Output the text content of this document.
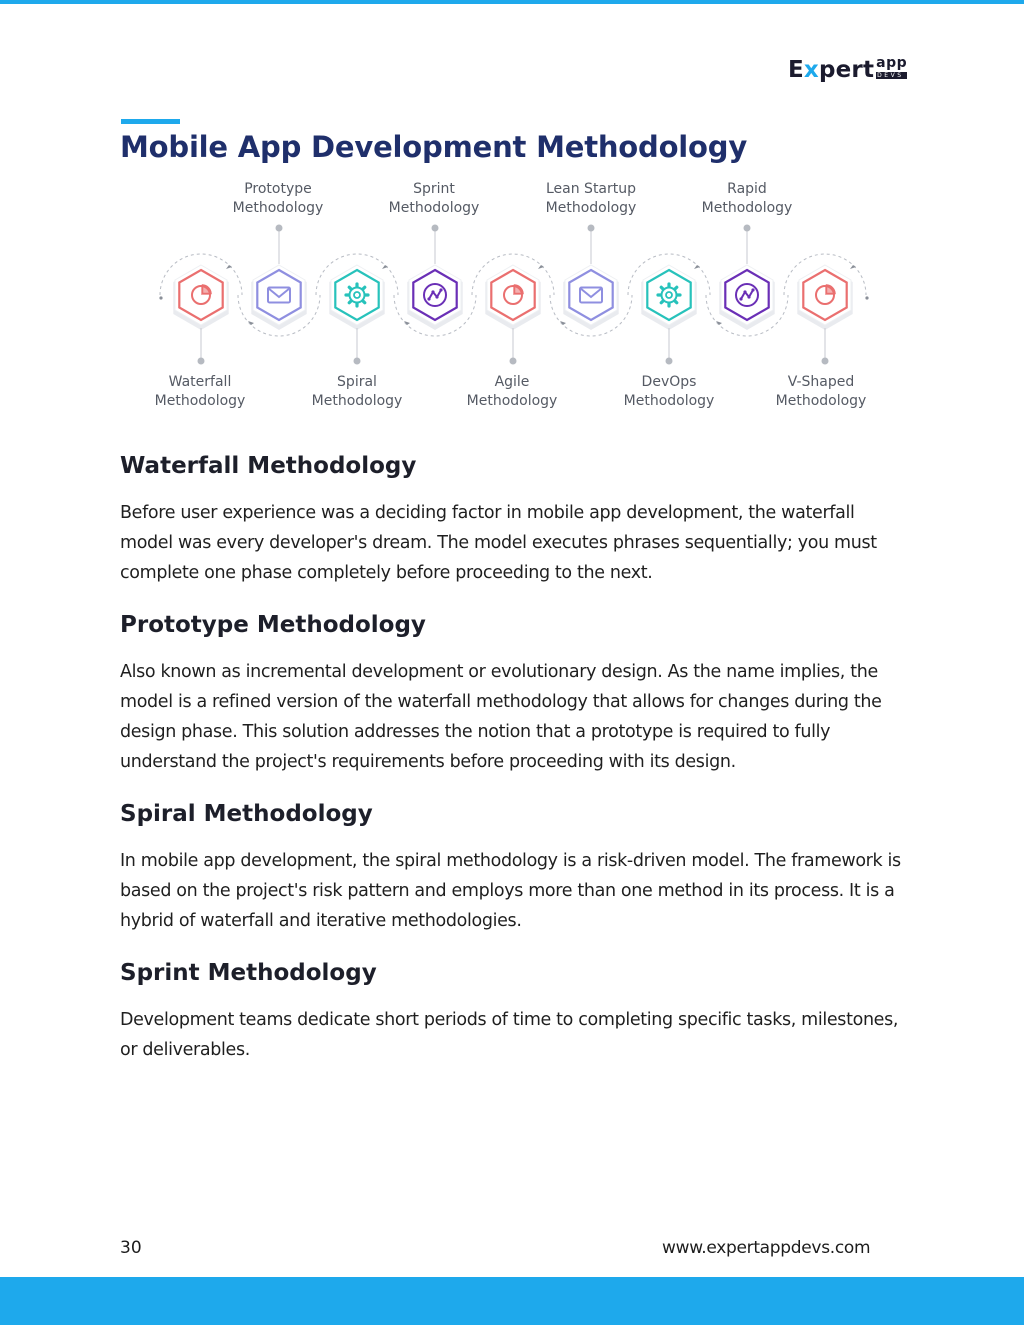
Expert app
DEVS
Mobile App Development Methodology
Prototype
Methodology
Sprint
Methodology
Lean Startup
Methodology
Rapid
Methodology
Waterfall
Methodology
Spiral
Methodology
Agile
Methodology
DevOps
Methodology
V-Shaped
Methodology
Waterfall Methodology

Before user experience was a deciding factor in mobile app development, the waterfall model was every developer's dream. The model executes phrases sequentially; you must complete one phase completely before proceeding to the next.

Prototype Methodology

Also known as incremental development or evolutionary design. As the name implies, the model is a refined version of the waterfall methodology that allows for changes during the design phase. This solution addresses the notion that a prototype is required to fully understand the project's requirements before proceeding with its design.

Spiral Methodology

In mobile app development, the spiral methodology is a risk-driven model. The framework is based on the project's risk pattern and employs more than one method in its process. It is a hybrid of waterfall and iterative methodologies.

Sprint Methodology

Development teams dedicate short periods of time to completing specific tasks, milestones, or deliverables.

30	www.expertappdevs.com
